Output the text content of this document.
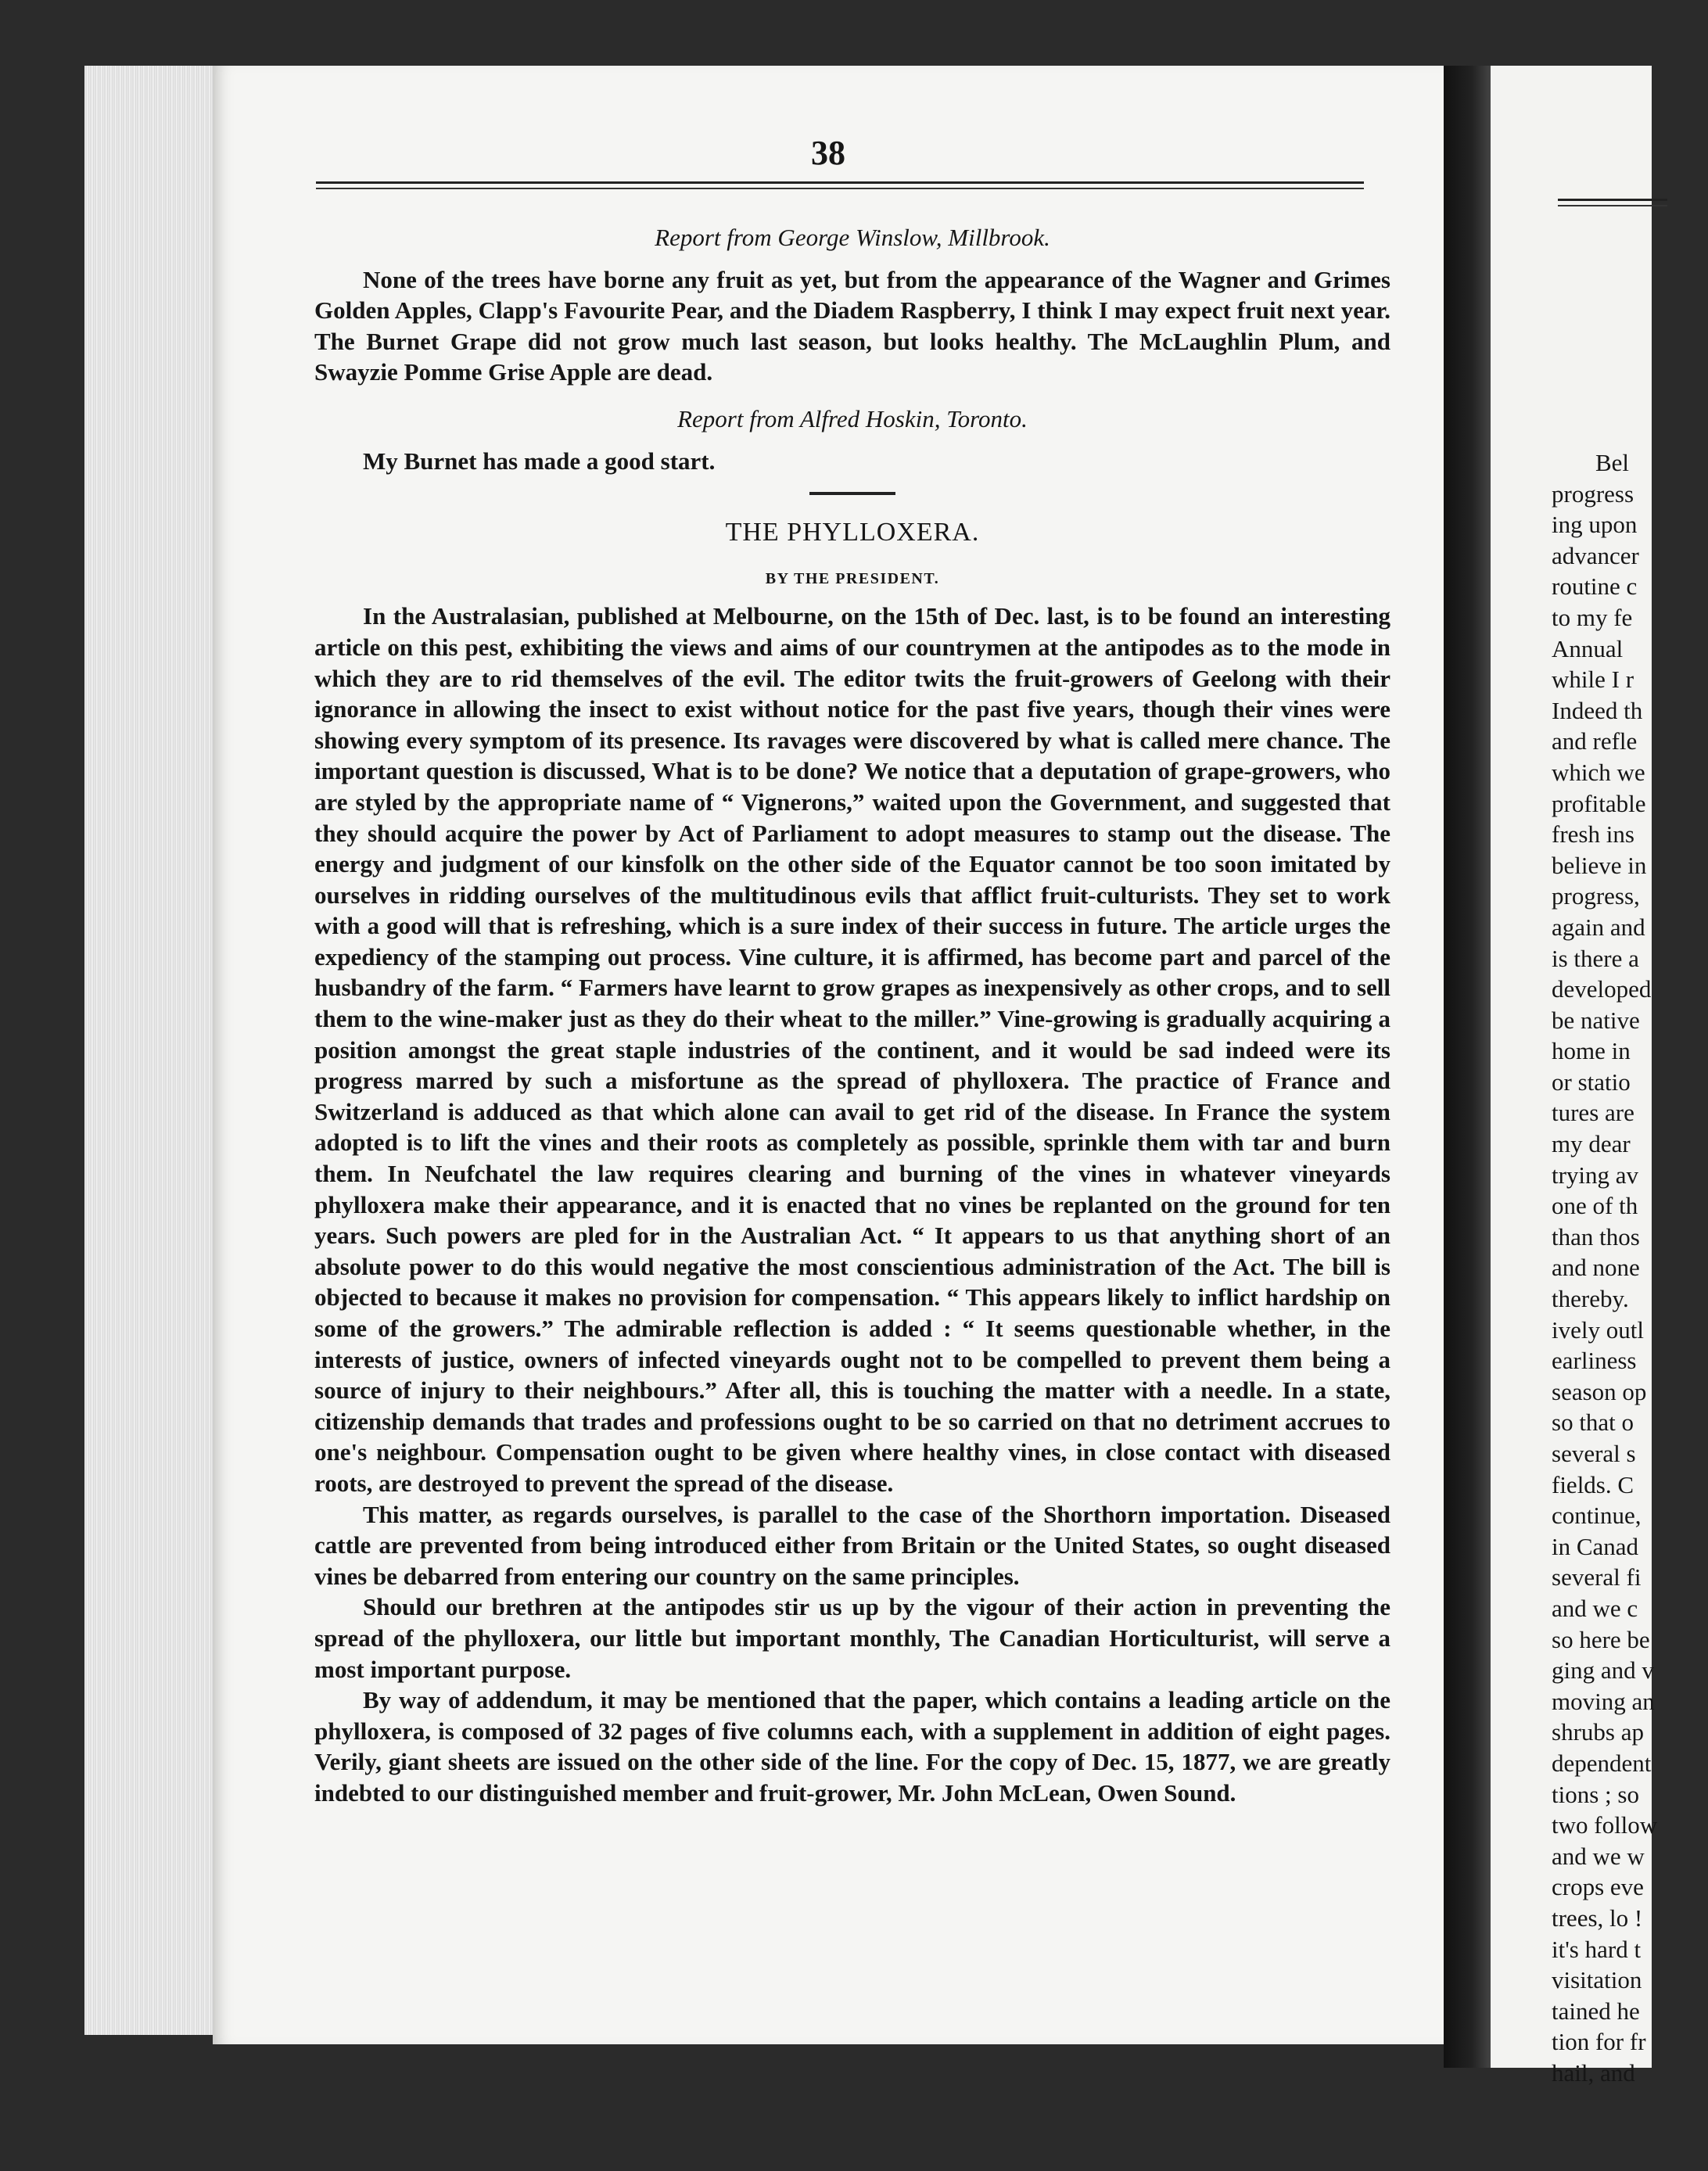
38

Report from George Winslow, Millbrook.

None of the trees have borne any fruit as yet, but from the appearance of the Wagner and Grimes Golden Apples, Clapp's Favourite Pear, and the Diadem Raspberry, I think I may expect fruit next year. The Burnet Grape did not grow much last season, but looks healthy. The McLaughlin Plum, and Swayzie Pomme Grise Apple are dead.

Report from Alfred Hoskin, Toronto.

My Burnet has made a good start.

THE PHYLLOXERA.

BY THE PRESIDENT.

In the Australasian, published at Melbourne, on the 15th of Dec. last, is to be found an interesting article on this pest, exhibiting the views and aims of our countrymen at the antipodes as to the mode in which they are to rid themselves of the evil. The editor twits the fruit-growers of Geelong with their ignorance in allowing the insect to exist without notice for the past five years, though their vines were showing every symptom of its presence. Its ravages were discovered by what is called mere chance. The important question is discussed, What is to be done? We notice that a deputation of grape-growers, who are styled by the appropriate name of “ Vignerons,” waited upon the Government, and suggested that they should acquire the power by Act of Parliament to adopt measures to stamp out the disease. The energy and judgment of our kinsfolk on the other side of the Equator cannot be too soon imitated by ourselves in ridding ourselves of the multitudinous evils that afflict fruit-culturists. They set to work with a good will that is refreshing, which is a sure index of their success in future. The article urges the expediency of the stamping out process. Vine culture, it is affirmed, has become part and parcel of the husbandry of the farm. “ Farmers have learnt to grow grapes as inexpensively as other crops, and to sell them to the wine-maker just as they do their wheat to the miller.” Vine-growing is gradually acquiring a position amongst the great staple industries of the continent, and it would be sad indeed were its progress marred by such a misfortune as the spread of phylloxera. The practice of France and Switzerland is adduced as that which alone can avail to get rid of the disease. In France the system adopted is to lift the vines and their roots as completely as possible, sprinkle them with tar and burn them. In Neufchatel the law requires clearing and burning of the vines in whatever vineyards phylloxera make their appearance, and it is enacted that no vines be replanted on the ground for ten years. Such powers are pled for in the Australian Act. “ It appears to us that anything short of an absolute power to do this would negative the most conscientious administration of the Act. The bill is objected to because it makes no provision for compensation. “ This appears likely to inflict hardship on some of the growers.” The admirable reflection is added : “ It seems questionable whether, in the interests of justice, owners of infected vineyards ought not to be compelled to prevent them being a source of injury to their neighbours.” After all, this is touching the matter with a needle. In a state, citizenship demands that trades and professions ought to be so carried on that no detriment accrues to one's neighbour. Compensation ought to be given where healthy vines, in close contact with diseased roots, are destroyed to prevent the spread of the disease.

This matter, as regards ourselves, is parallel to the case of the Shorthorn importation. Diseased cattle are prevented from being introduced either from Britain or the United States, so ought diseased vines be debarred from entering our country on the same principles.

Should our brethren at the antipodes stir us up by the vigour of their action in preventing the spread of the phylloxera, our little but important monthly, The Canadian Horticulturist, will serve a most important purpose.

By way of addendum, it may be mentioned that the paper, which contains a leading article on the phylloxera, is composed of 32 pages of five columns each, with a supplement in addition of eight pages. Verily, giant sheets are issued on the other side of the line. For the copy of Dec. 15, 1877, we are greatly indebted to our distinguished member and fruit-grower, Mr. John McLean, Owen Sound.

Bel
progress
ing upon
advancer
routine c
to my fe
Annual
while I r
Indeed th
and refle
which we
profitable
fresh ins
believe in
progress,
again and
is there a
developed
be native
home in
or statio
tures are
my dear
trying av
one of th
than thos
and none
thereby.
ively outl
earliness
season op
so that o
several s
fields. C
continue,
in Canad
several fi
and we c
so here be
ging and v
moving an
shrubs ap
dependent
tions ; so
two follow
and we w
crops eve
trees, lo !
it's hard t
visitation
tained he
tion for fr
hail, and
